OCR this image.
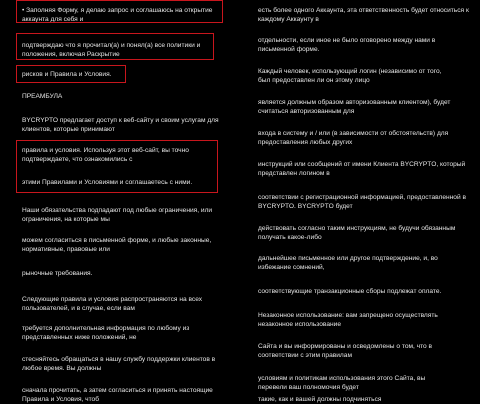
• Заполняя Форму, я делаю запрос и соглашаюсь на открытие
аккаунта для себя и
подтверждаю что я прочитал(а) и понял(а) все политики и
положения, включая Раскрытие
рисков и Правила и Условия.
ПРЕАМБУЛА
BYCRYPTO предлагает доступ к веб-сайту и своим услугам для
клиентов, которые принимают
правила и условия. Используя этот веб-сайт, вы точно
подтверждаете, что ознакомились с
этими Правилами и Условиями и соглашаетесь с ними.
Наши обязательства подпадают под любые ограничения, или
ограничения, на которые мы
можем согласиться в письменной форме, и любые законные,
нормативные, правовые или
рыночные требования.
Следующие правила и условия распространяются на всех
пользователей, и в случае, если вам
требуется дополнительная информация по любому из
представленных ниже положений, не
стесняйтесь обращаться в нашу службу поддержки клиентов в
любое время. Вы должны
сначала прочитать, а затем согласиться и принять настоящие
Правила и Условия, чтоб
есть более одного Аккаунта, эта ответственность будет относиться к
каждому Аккаунту в
отдельности, если иное не было оговорено между нами в
письменной форме.
Каждый человек, использующий логин (независимо от того,
был предоставлен ли он этому лицо
является должным образом авторизованным клиентом), будет
считаться авторизованным для
входа в систему и / или (в зависимости от обстоятельств) для
предоставления любых других
инструкций или сообщений от имени Клиента BYCRYPTO, который
представлен логином в
соответствии с регистрационной информацией, предоставленной в
BYCRYPTO. BYCRYPTO будет
действовать согласно таким инструкциям, не будучи обязанным
получать какое-либо
дальнейшее письменное или другое подтверждение, и, во
избежание сомнений,
соответствующие транзакционные сборы подлежат оплате.
Незаконное использование: вам запрещено осуществлять
незаконное использование
Сайта и вы информированы и осведомлены о том, что в
соответствии с этим правилам
условиям и политикам использования этого Сайта, вы
перевели ваш полномочия будет
такие, как и вашей должны подчиняться
